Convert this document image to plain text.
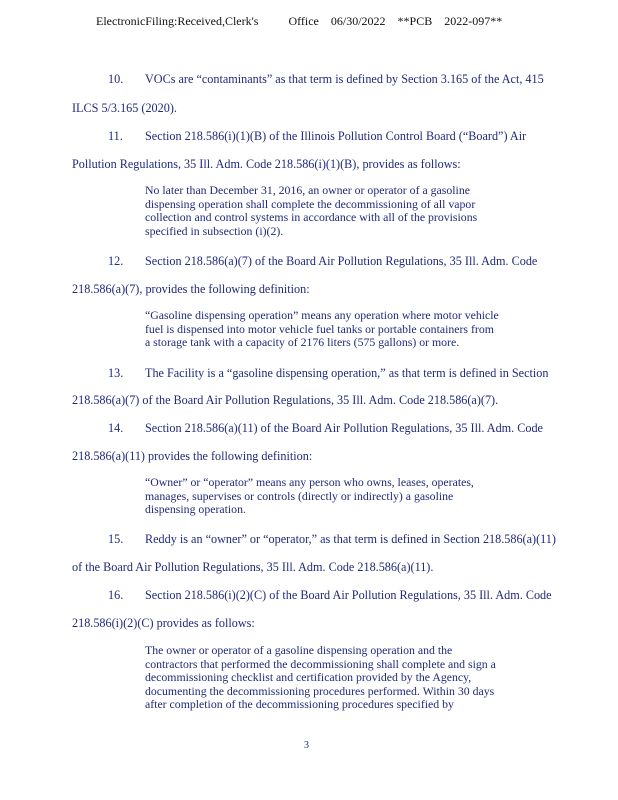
ElectronicFiling:Received,Clerk's          Office    06/30/2022    **PCB    2022-097**
10. VOCs are “contaminants” as that term is defined by Section 3.165 of the Act, 415
ILCS 5/3.165 (2020).
11. Section 218.586(i)(1)(B) of the Illinois Pollution Control Board (“Board”) Air
Pollution Regulations, 35 Ill. Adm. Code 218.586(i)(1)(B), provides as follows:
No later than December 31, 2016, an owner or operator of a gasoline
dispensing operation shall complete the decommissioning of all vapor
collection and control systems in accordance with all of the provisions
specified in subsection (i)(2).
12. Section 218.586(a)(7) of the Board Air Pollution Regulations, 35 Ill. Adm. Code
218.586(a)(7), provides the following definition:
“Gasoline dispensing operation” means any operation where motor vehicle
fuel is dispensed into motor vehicle fuel tanks or portable containers from
a storage tank with a capacity of 2176 liters (575 gallons) or more.
13. The Facility is a “gasoline dispensing operation,” as that term is defined in Section
218.586(a)(7) of the Board Air Pollution Regulations, 35 Ill. Adm. Code 218.586(a)(7).
14. Section 218.586(a)(11) of the Board Air Pollution Regulations, 35 Ill. Adm. Code
218.586(a)(11) provides the following definition:
“Owner” or “operator” means any person who owns, leases, operates,
manages, supervises or controls (directly or indirectly) a gasoline
dispensing operation.
15. Reddy is an “owner” or “operator,” as that term is defined in Section 218.586(a)(11)
of the Board Air Pollution Regulations, 35 Ill. Adm. Code 218.586(a)(11).
16. Section 218.586(i)(2)(C) of the Board Air Pollution Regulations, 35 Ill. Adm. Code
218.586(i)(2)(C) provides as follows:
The owner or operator of a gasoline dispensing operation and the
contractors that performed the decommissioning shall complete and sign a
decommissioning checklist and certification provided by the Agency,
documenting the decommissioning procedures performed. Within 30 days
after completion of the decommissioning procedures specified by
3
